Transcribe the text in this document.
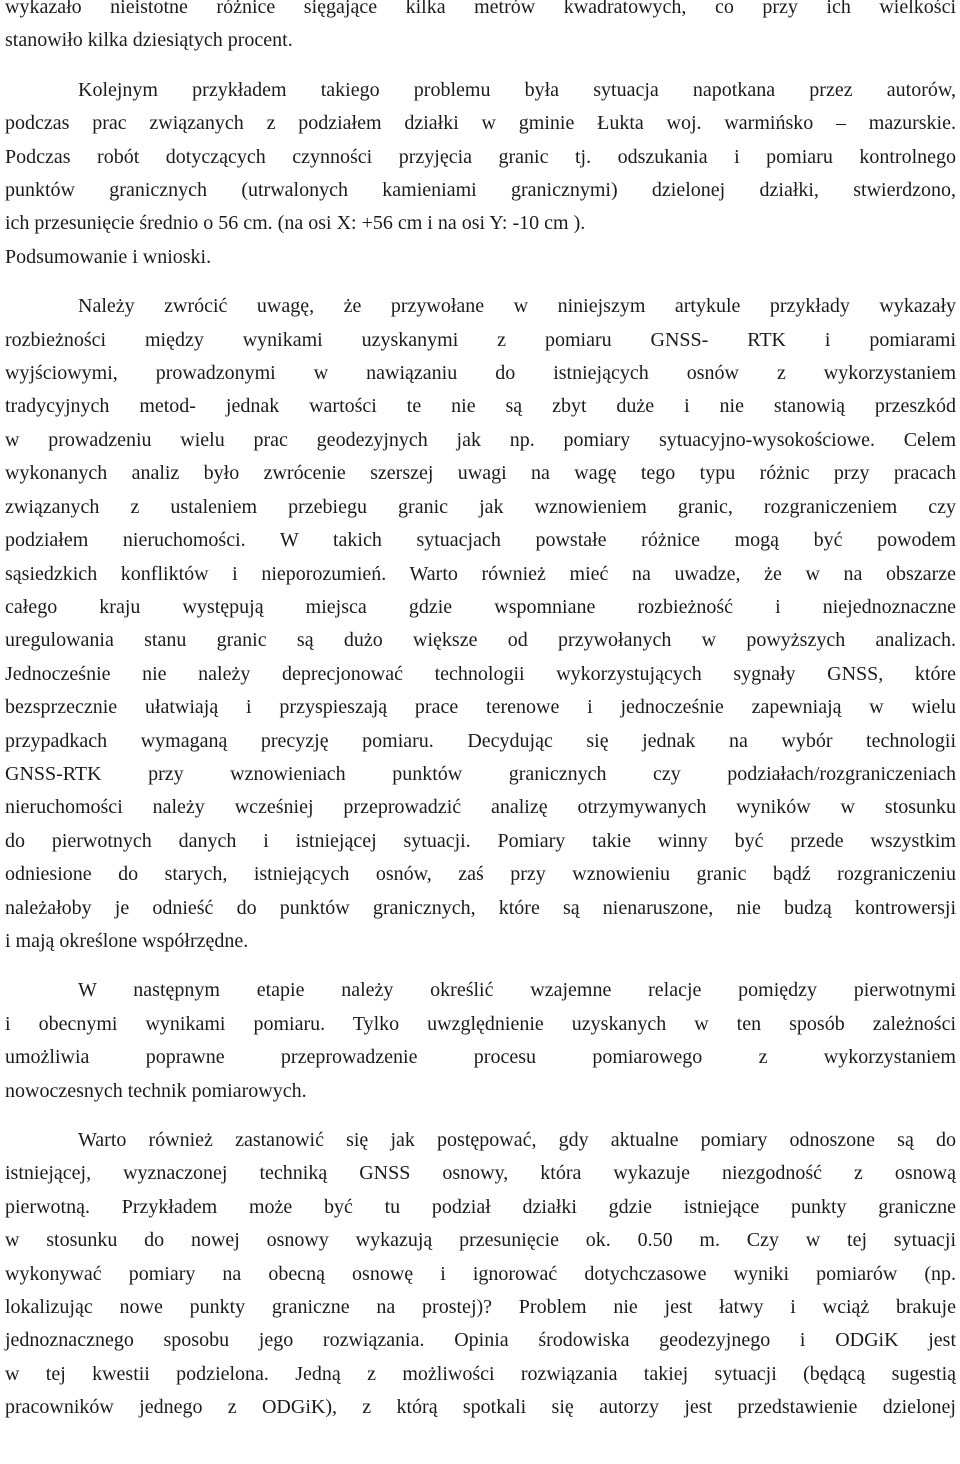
wykazało nieistotne różnice sięgające kilka metrów kwadratowych, co przy ich wielkości
stanowiło kilka dziesiątych procent.
Kolejnym przykładem takiego problemu była sytuacja napotkana przez autorów,
podczas prac związanych z podziałem działki w gminie Łukta woj. warmińsko – mazurskie.
Podczas robót dotyczących czynności przyjęcia granic tj. odszukania i pomiaru kontrolnego
punktów granicznych (utrwalonych kamieniami granicznymi) dzielonej działki, stwierdzono,
ich przesunięcie średnio o 56 cm. (na osi X: +56 cm i na osi Y: -10 cm ).
Podsumowanie i wnioski.
Należy zwrócić uwagę, że przywołane w niniejszym artykule przykłady wykazały
rozbieżności między wynikami uzyskanymi z pomiaru GNSS- RTK i pomiarami
wyjściowymi, prowadzonymi w nawiązaniu do istniejących osnów z wykorzystaniem
tradycyjnych metod- jednak wartości te nie są zbyt duże i nie stanowią przeszkód
w prowadzeniu wielu prac geodezyjnych jak np. pomiary sytuacyjno-wysokościowe. Celem
wykonanych analiz było zwrócenie szerszej uwagi na wagę tego typu różnic przy pracach
związanych z ustaleniem przebiegu granic jak wznowieniem granic, rozgraniczeniem czy
podziałem nieruchomości. W takich sytuacjach powstałe różnice mogą być powodem
sąsiedzkich konfliktów i nieporozumień. Warto również mieć na uwadze, że w na obszarze
całego kraju występują miejsca gdzie wspomniane rozbieżność i niejednoznaczne
uregulowania stanu granic są dużo większe od przywołanych w powyższych analizach.
Jednocześnie nie należy deprecjonować technologii wykorzystujących sygnały GNSS, które
bezsprzecznie ułatwiają i przyspieszają prace terenowe i jednocześnie zapewniają w wielu
przypadkach wymaganą precyzję pomiaru. Decydując się jednak na wybór technologii
GNSS-RTK przy wznowieniach punktów granicznych czy podziałach/rozgraniczeniach
nieruchomości należy wcześniej przeprowadzić analizę otrzymywanych wyników w stosunku
do pierwotnych danych i istniejącej sytuacji. Pomiary takie winny być przede wszystkim
odniesione do starych, istniejących osnów, zaś przy wznowieniu granic bądź rozgraniczeniu
należałoby je odnieść do punktów granicznych, które są nienaruszone, nie budzą kontrowersji
i mają określone współrzędne.
W następnym etapie należy określić wzajemne relacje pomiędzy pierwotnymi
i obecnymi wynikami pomiaru. Tylko uwzględnienie uzyskanych w ten sposób zależności
umożliwia poprawne przeprowadzenie procesu pomiarowego z wykorzystaniem
nowoczesnych technik pomiarowych.
Warto również zastanowić się jak postępować, gdy aktualne pomiary odnoszone są do
istniejącej, wyznaczonej techniką GNSS osnowy, która wykazuje niezgodność z osnową
pierwotną. Przykładem może być tu podział działki gdzie istniejące punkty graniczne
w stosunku do nowej osnowy wykazują przesunięcie ok. 0.50 m. Czy w tej sytuacji
wykonywać pomiary na obecną osnowę i ignorować dotychczasowe wyniki pomiarów (np.
lokalizując nowe punkty graniczne na prostej)? Problem nie jest łatwy i wciąż brakuje
jednoznacznego sposobu jego rozwiązania. Opinia środowiska geodezyjnego i ODGiK jest
w tej kwestii podzielona. Jedną z możliwości rozwiązania takiej sytuacji (będącą sugestią
pracowników jednego z ODGiK), z którą spotkali się autorzy jest przedstawienie dzielonej
